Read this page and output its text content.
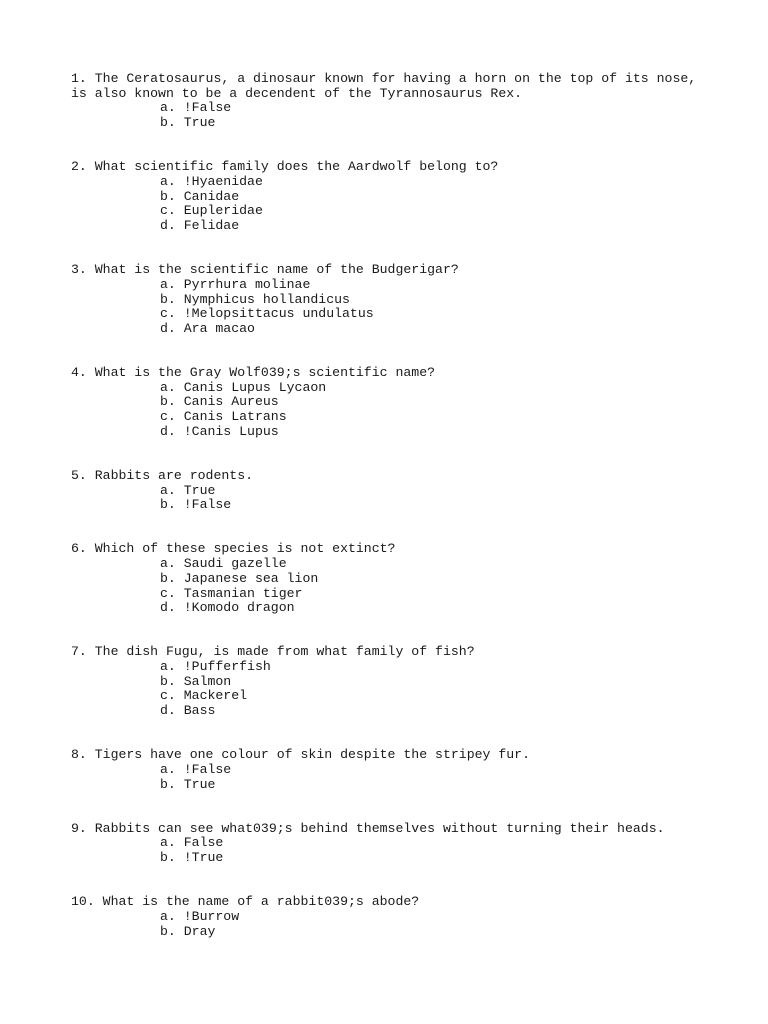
1. The Ceratosaurus, a dinosaur known for having a horn on the top of its nose, is also known to be a decendent of the Tyrannosaurus Rex.
a. !False
b. True
2. What scientific family does the Aardwolf belong to?
a. !Hyaenidae
b. Canidae
c. Eupleridae
d. Felidae
3. What is the scientific name of the Budgerigar?
a. Pyrrhura molinae
b. Nymphicus hollandicus
c. !Melopsittacus undulatus
d. Ara macao
4. What is the Gray Wolf039;s scientific name?
a. Canis Lupus Lycaon
b. Canis Aureus
c. Canis Latrans
d. !Canis Lupus
5. Rabbits are rodents.
a. True
b. !False
6. Which of these species is not extinct?
a. Saudi gazelle
b. Japanese sea lion
c. Tasmanian tiger
d. !Komodo dragon
7. The dish Fugu, is made from what family of fish?
a. !Pufferfish
b. Salmon
c. Mackerel
d. Bass
8. Tigers have one colour of skin despite the stripey fur.
a. !False
b. True
9. Rabbits can see what039;s behind themselves without turning their heads.
a. False
b. !True
10. What is the name of a rabbit039;s abode?
a. !Burrow
b. Dray
